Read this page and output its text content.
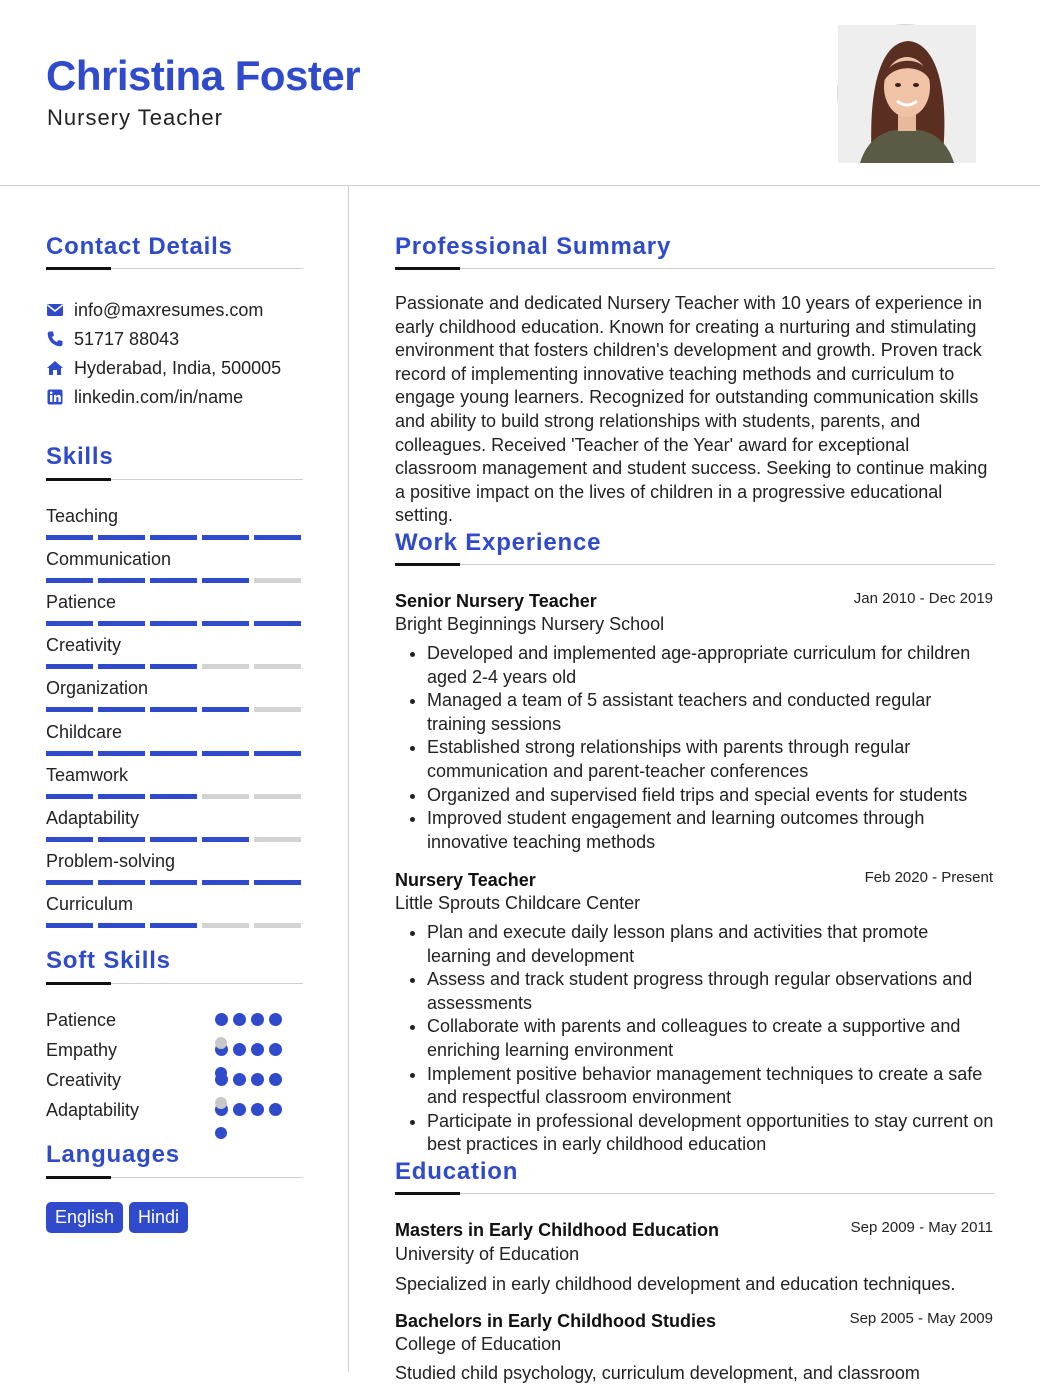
Christina Foster
Nursery Teacher
Contact Details
info@maxresumes.com
51717 88043
Hyderabad, India, 500005
linkedin.com/in/name
Skills
Teaching
Communication
Patience
Creativity
Organization
Childcare
Teamwork
Adaptability
Problem-solving
Curriculum
Soft Skills
Patience
Empathy
Creativity
Adaptability
Languages
English	Hindi
Professional Summary
Passionate and dedicated Nursery Teacher with 10 years of experience in early childhood education. Known for creating a nurturing and stimulating environment that fosters children's development and growth. Proven track record of implementing innovative teaching methods and curriculum to engage young learners. Recognized for outstanding communication skills and ability to build strong relationships with students, parents, and colleagues. Received 'Teacher of the Year' award for exceptional classroom management and student success. Seeking to continue making a positive impact on the lives of children in a progressive educational setting.
Work Experience
Senior Nursery Teacher	Jan 2010 - Dec 2019
Bright Beginnings Nursery School
Developed and implemented age-appropriate curriculum for children aged 2-4 years old
Managed a team of 5 assistant teachers and conducted regular training sessions
Established strong relationships with parents through regular communication and parent-teacher conferences
Organized and supervised field trips and special events for students
Improved student engagement and learning outcomes through innovative teaching methods
Nursery Teacher	Feb 2020 - Present
Little Sprouts Childcare Center
Plan and execute daily lesson plans and activities that promote learning and development
Assess and track student progress through regular observations and assessments
Collaborate with parents and colleagues to create a supportive and enriching learning environment
Implement positive behavior management techniques to create a safe and respectful classroom environment
Participate in professional development opportunities to stay current on best practices in early childhood education
Education
Masters in Early Childhood Education	Sep 2009 - May 2011
University of Education
Specialized in early childhood development and education techniques.
Bachelors in Early Childhood Studies	Sep 2005 - May 2009
College of Education
Studied child psychology, curriculum development, and classroom
